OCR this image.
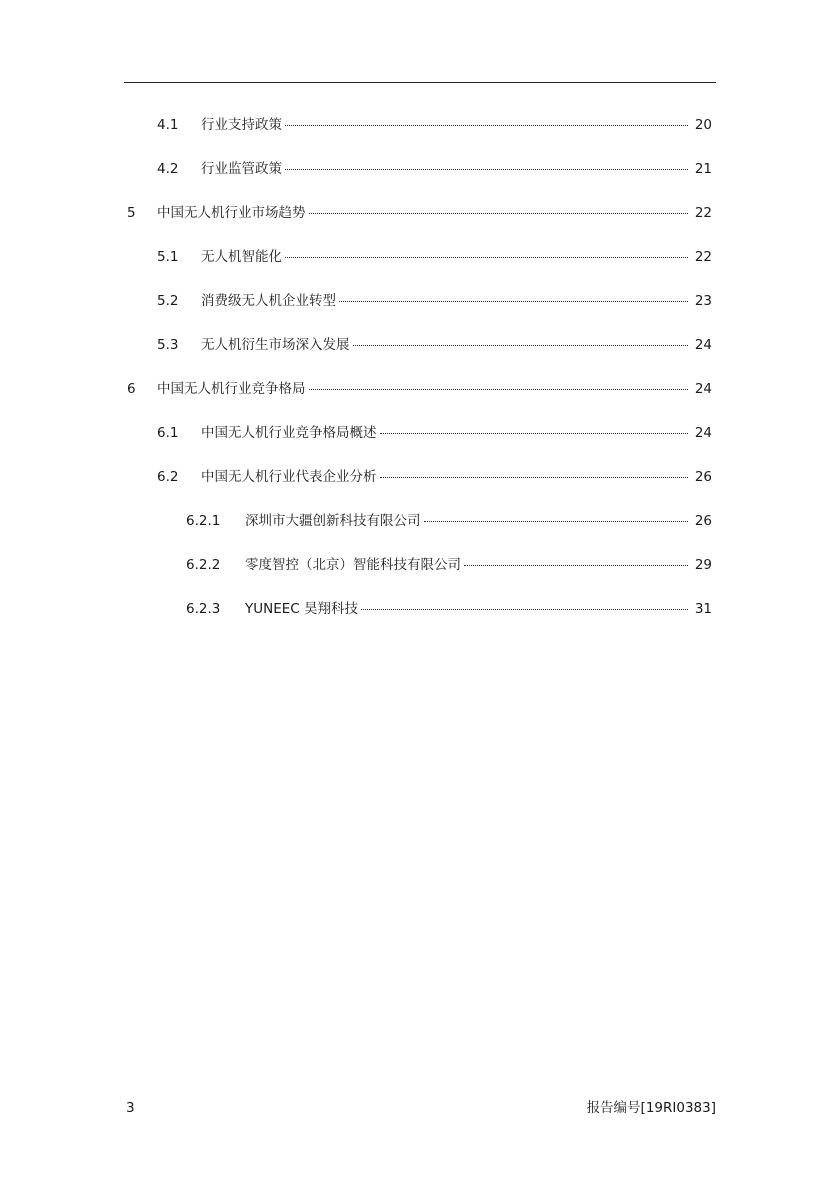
4.1 行业支持政策	20
4.2 行业监管政策	21
5 中国无人机行业市场趋势	22
5.1 无人机智能化	22
5.2 消费级无人机企业转型	23
5.3 无人机衍生市场深入发展	24
6 中国无人机行业竞争格局	24
6.1 中国无人机行业竞争格局概述	24
6.2 中国无人机行业代表企业分析	26
6.2.1 深圳市大疆创新科技有限公司	26
6.2.2 零度智控（北京）智能科技有限公司	29
6.2.3 YUNEEC 昊翔科技	31
3	报告编号[19RI0383]
